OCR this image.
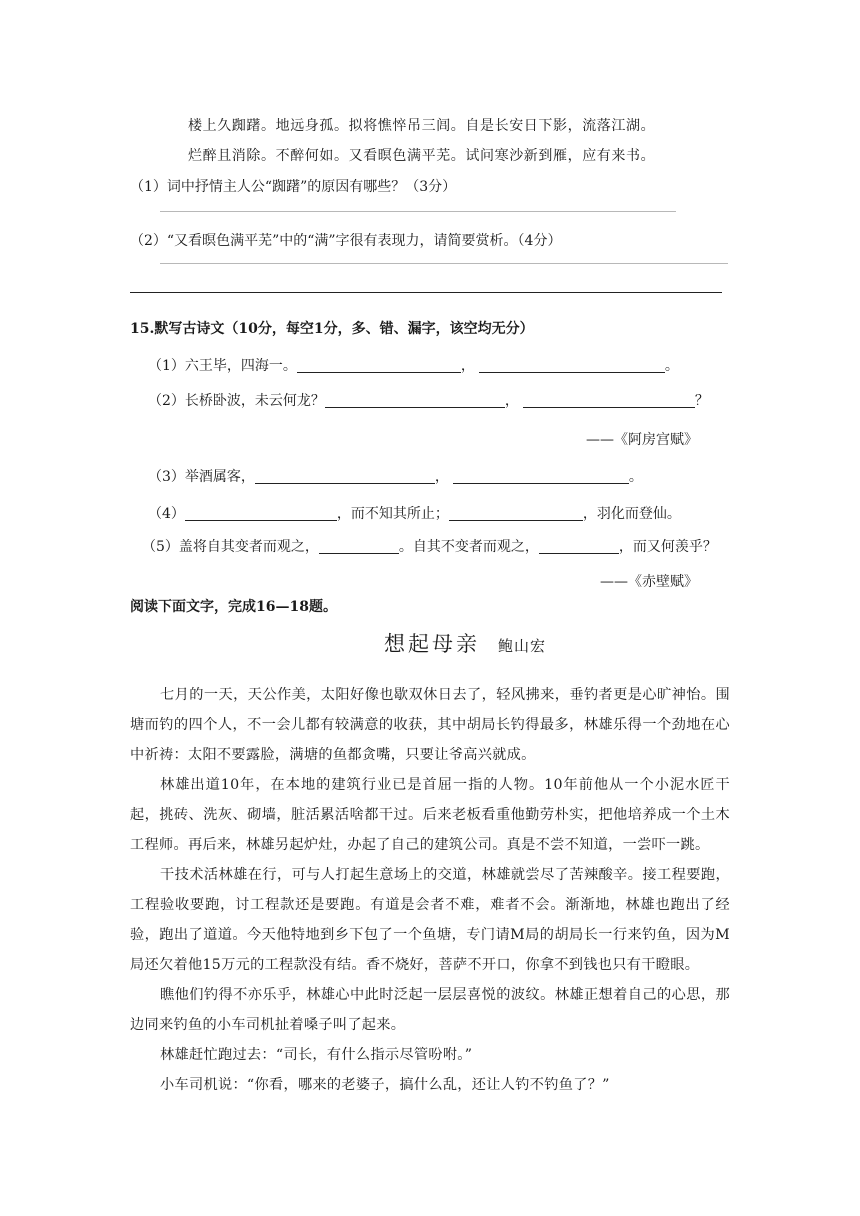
楼上久踟躇。地远身孤。拟将憔悴吊三闾。自是长安日下影，流落江湖。
烂醉且消除。不醉何如。又看暝色满平芜。试问寒沙新到雁，应有来书。
（1）词中抒情主人公“踟躇”的原因有哪些？（3分）
（2）“又看暝色满平芜”中的“满”字很有表现力，请简要赏析。（4分）
15.默写古诗文（10分，每空1分，多、错、漏字，该空均无分）
（1）六王毕，四海一。	，	。
（2）长桥卧波，未云何龙？	，	？
——《阿房宫赋》
（3）举酒属客，	，	。
（4）	，而不知其所止；	，羽化而登仙。
（5）盖将自其变者而观之，	。自其不变者而观之，	，而又何羡乎？
——《赤壁赋》
阅读下面文字，完成16—18题。
想起母亲 鲍山宏

七月的一天，天公作美，太阳好像也歇双休日去了，轻风拂来，垂钓者更是心旷神怡。围塘而钓的四个人，不一会儿都有较满意的收获，其中胡局长钓得最多，林雄乐得一个劲地在心中祈祷：太阳不要露脸，满塘的鱼都贪嘴，只要让爷高兴就成。

林雄出道10年，在本地的建筑行业已是首屈一指的人物。10年前他从一个小泥水匠干起，挑砖、洗灰、砌墙，脏活累活啥都干过。后来老板看重他勤劳朴实，把他培养成一个土木工程师。再后来，林雄另起炉灶，办起了自己的建筑公司。真是不尝不知道，一尝吓一跳。

干技术活林雄在行，可与人打起生意场上的交道，林雄就尝尽了苦辣酸辛。接工程要跑，工程验收要跑，讨工程款还是要跑。有道是会者不难，难者不会。渐渐地，林雄也跑出了经验，跑出了道道。今天他特地到乡下包了一个鱼塘，专门请M局的胡局长一行来钓鱼，因为M局还欠着他15万元的工程款没有结。香不烧好，菩萨不开口，你拿不到钱也只有干瞪眼。

瞧他们钓得不亦乐乎，林雄心中此时泛起一层层喜悦的波纹。林雄正想着自己的心思，那边同来钓鱼的小车司机扯着嗓子叫了起来。

林雄赶忙跑过去：“司长，有什么指示尽管吩咐。”

小车司机说：“你看，哪来的老婆子，搞什么乱，还让人钓不钓鱼了？”
